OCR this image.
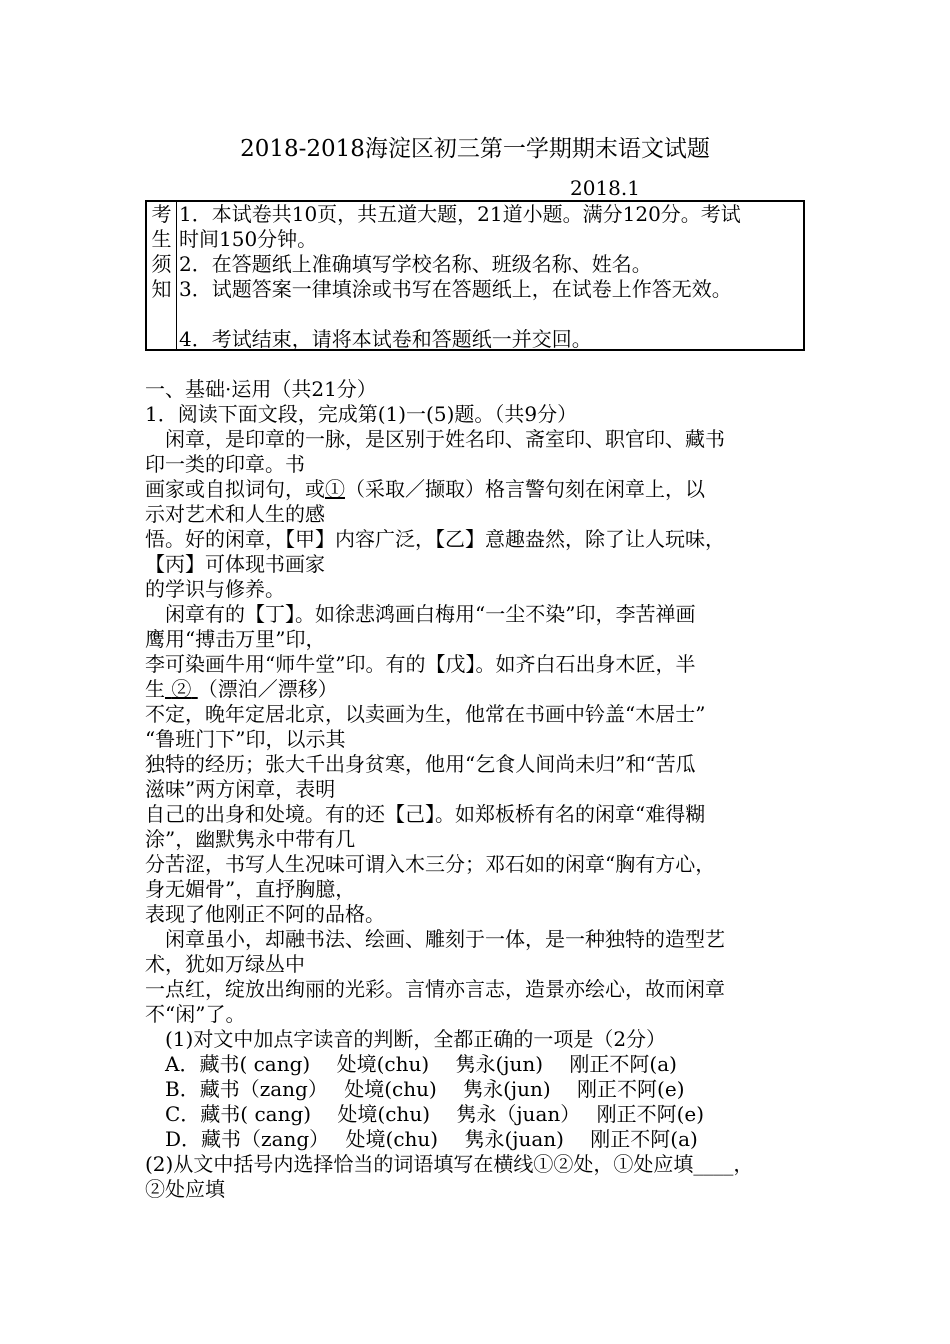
2018-2018海淀区初三第一学期期末语文试题
2018.1
考
生
须
知
1．本试卷共10页，共五道大题，21道小题。满分120分。考试
时间150分钟。
2．在答题纸上准确填写学校名称、班级名称、姓名。
3．试题答案一律填涂或书写在答题纸上，在试卷上作答无效。

4．考试结束，请将本试卷和答题纸一并交回。
一、基础·运用（共21分）
1．阅读下面文段，完成第(1)一(5)题。（共9分）
　闲章，是印章的一脉，是区别于姓名印、斋室印、职官印、藏书
印一类的印章。书
画家或自拟词句，或①（采取／撷取）格言警句刻在闲章上，以
示对艺术和人生的感
悟。好的闲章，【甲】内容广泛，【乙】意趣盎然，除了让人玩味，
【丙】可体现书画家
的学识与修养。
　闲章有的【丁】。如徐悲鸿画白梅用“一尘不染”印，李苦禅画
鹰用“搏击万里”印，
李可染画牛用“师牛堂”印。有的【戊】。如齐白石出身木匠，半
生 ② （漂泊／漂移）
不定，晚年定居北京，以卖画为生，他常在书画中钤盖“木居士”
“鲁班门下”印，以示其
独特的经历；张大千出身贫寒，他用“乞食人间尚未归”和“苦瓜
滋味”两方闲章，表明
自己的出身和处境。有的还【己】。如郑板桥有名的闲章“难得糊
涂”，幽默隽永中带有几
分苦涩，书写人生况味可谓入木三分；邓石如的闲章“胸有方心，
身无媚骨”，直抒胸臆，
表现了他刚正不阿的品格。
　闲章虽小，却融书法、绘画、雕刻于一体，是一种独特的造型艺
术，犹如万绿丛中
一点红，绽放出绚丽的光彩。言情亦言志，造景亦绘心，故而闲章
不“闲”了。
　(1)对文中加点字读音的判断，全都正确的一项是（2分）
　A．藏书( cang)　 处境(chu)　 隽永(jun)　 刚正不阿(a)
　B．藏书（zang）　 处境(chu)　 隽永(jun)　 刚正不阿(e)
　C．藏书( cang)　 处境(chu)　 隽永（juan）　 刚正不阿(e)
　D．藏书（zang）　 处境(chu)　 隽永(juan)　 刚正不阿(a)
(2)从文中括号内选择恰当的词语填写在横线①②处，①处应填____，
②处应填
